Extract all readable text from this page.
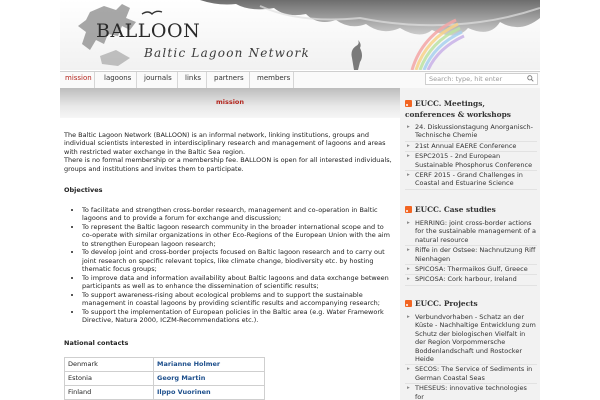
BALLOON
Baltic Lagoon Network
mission lagoons journals links partners members
Search: type, hit enter
mission

The Baltic Lagoon Network (BALLOON) is an informal network, linking institutions, groups and individual scientists interested in interdisciplinary research and management of lagoons and areas with restricted water exchange in the Baltic Sea region.

There is no formal membership or a membership fee. BALLOON is open for all interested individuals, groups and institutions and invites them to participate.

Objectives
• To facilitate and strengthen cross-border research, management and co-operation in Baltic lagoons and to provide a forum for exchange and discussion;
• To represent the Baltic lagoon research community in the broader international scope and to co-operate with similar organizations in other Eco-Regions of the European Union with the aim to strengthen European lagoon research;
• To develop joint and cross-border projects focused on Baltic lagoon research and to carry out joint research on specific relevant topics, like climate change, biodiversity etc. by hosting thematic focus groups;
• To improve data and information availability about Baltic lagoons and data exchange between participants as well as to enhance the dissemination of scientific results;
• To support awareness-rising about ecological problems and to support the sustainable management in coastal lagoons by providing scientific results and accompanying research;
• To support the implementation of European policies in the Baltic area (e.g. Water Framework Directive, Natura 2000, ICZM-Recommendations etc.).
National contacts
Denmark	Marianne Holmer
Estonia	Georg Martin
Finland	Ilppo Vuorinen
EUCC. Meetings, conferences & workshops
▸ 24. Diskussionstagung Anorganisch-Technische Chemie
▸ 21st Annual EAERE Conference
▸ ESPC2015 - 2nd European Sustainable Phosphorus Conference
▸ CERF 2015 - Grand Challenges in Coastal and Estuarine Science
EUCC. Case studies
▸ HERRING: joint cross-border actions for the sustainable management of a natural resource
▸ Riffe in der Ostsee: Nachnutzung Riff Nienhagen
▸ SPICOSA: Thermaikos Gulf, Greece
▸ SPICOSA: Cork harbour, Ireland
EUCC. Projects
▸ Verbundvorhaben - Schatz an der Küste - Nachhaltige Entwicklung zum Schutz der biologischen Vielfalt in der Region Vorpommersche Boddenlandschaft und Rostocker Heide
▸ SECOS: The Service of Sediments in German Coastal Seas
▸ THESEUS: innovative technologies for
